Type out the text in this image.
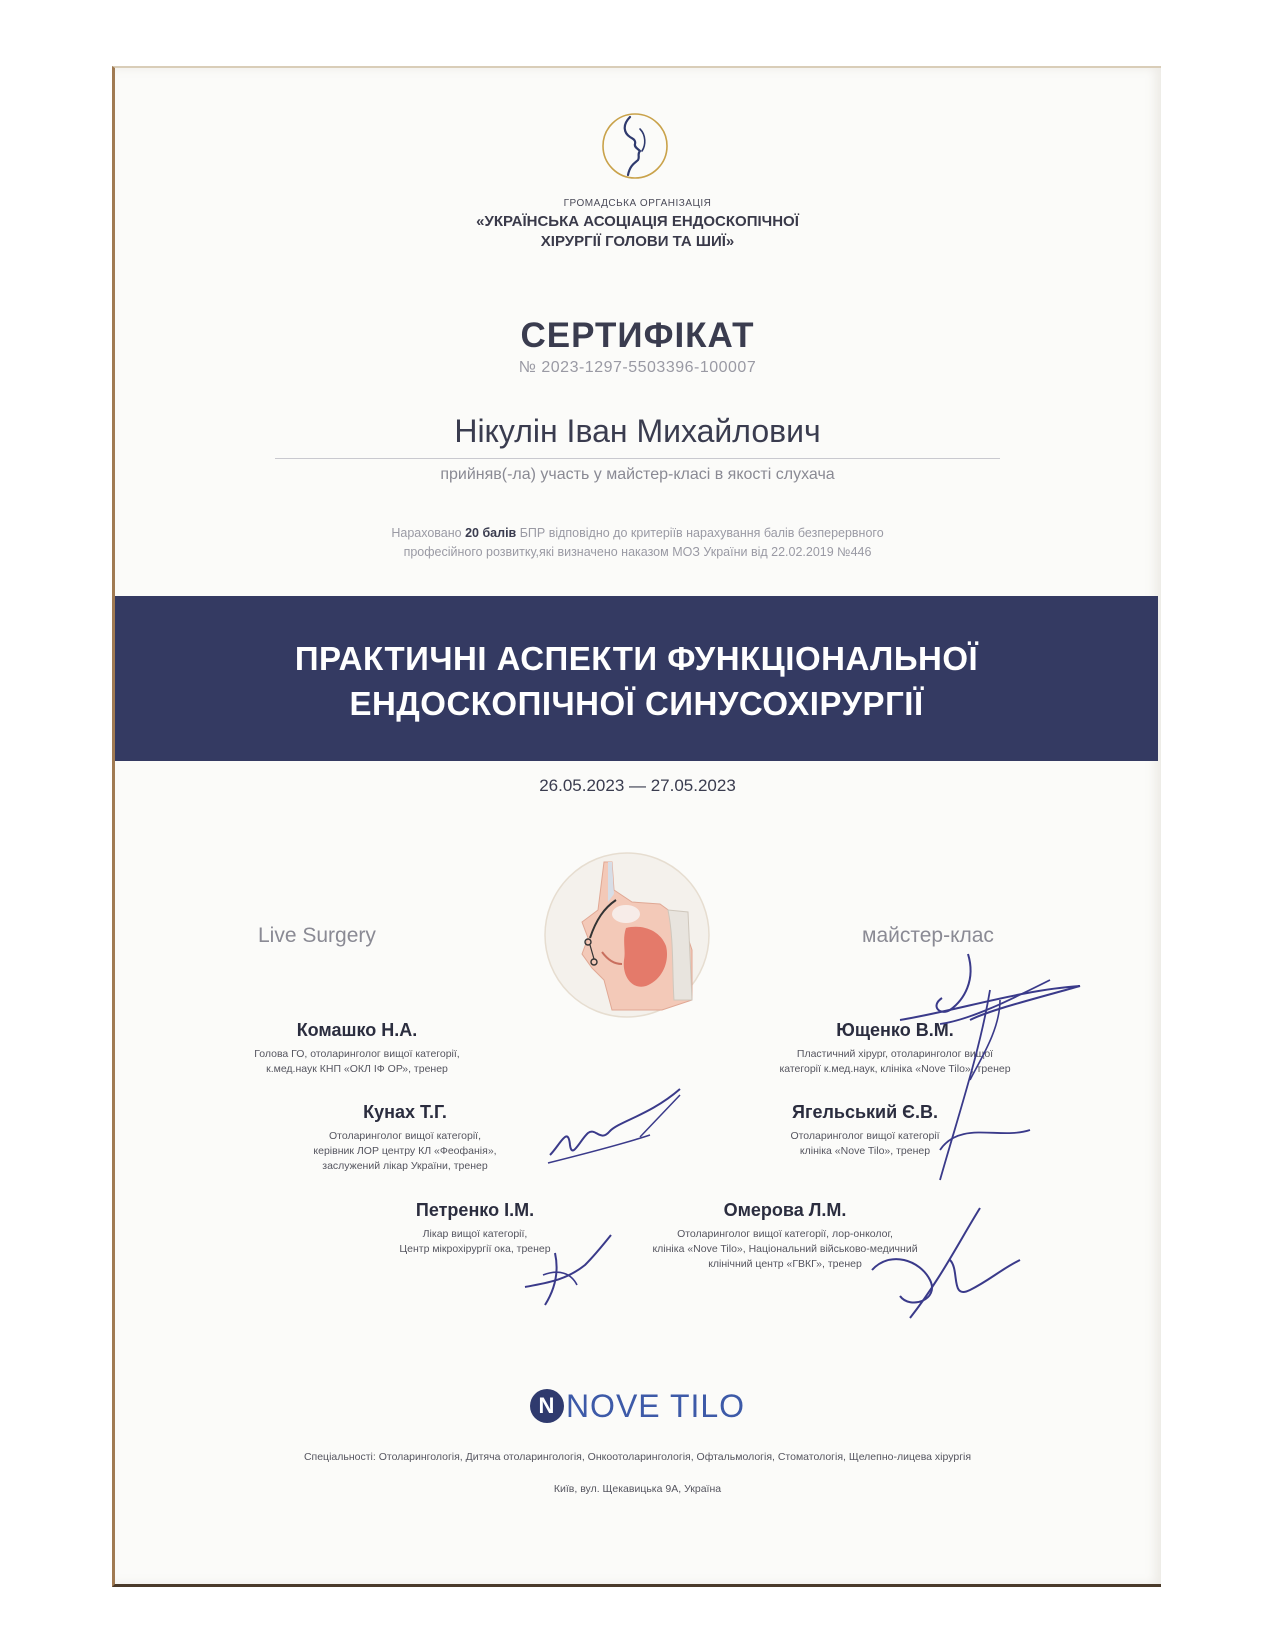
ГРОМАДСЬКА ОРГАНІЗАЦІЯ
«УКРАЇНСЬКА АСОЦІАЦІЯ ЕНДОСКОПІЧНОЇ
ХІРУРГІЇ ГОЛОВИ ТА ШИЇ»
СЕРТИФІКАТ
№ 2023-1297-5503396-100007
Нікулін Іван Михайлович
прийняв(-ла) участь у майстер-класі в якості слухача
Нараховано 20 балів БПР відповідно до критеріїв нарахування балів безперервного
професійного розвитку,які визначено наказом МОЗ України від 22.02.2019 №446
ПРАКТИЧНІ АСПЕКТИ ФУНКЦІОНАЛЬНОЇ
ЕНДОСКОПІЧНОЇ СИНУСОХІРУРГІЇ
26.05.2023 — 27.05.2023
Live Surgery	майстер-клас
Комашко Н.А.
Голова ГО, отоларинголог вищої категорії,
к.мед.наук КНП «ОКЛ ІФ ОР», тренер
Ющенко В.М.
Пластичний хірург, отоларинголог вищої
категорії к.мед.наук, клініка «Nove Tilo», тренер
Кунах Т.Г.
Отоларинголог вищої категорії,
керівник ЛОР центру КЛ «Феофанія»,
заслужений лікар України, тренер
Ягельський Є.В.
Отоларинголог вищої категорії
клініка «Nove Tilo», тренер
Петренко І.М.
Лікар вищої категорії,
Центр мікрохірургії ока, тренер
Омерова Л.М.
Отоларинголог вищої категорії, лор-онколог,
клініка «Nove Tilo», Національний військово-медичний
клінічний центр «ГВКГ», тренер
N NOVE TILO
Спеціальності: Отоларингологія, Дитяча отоларингологія, Онкоотоларингологія, Офтальмологія, Стоматологія, Щелепно-лицева хірургія
Київ, вул. Щекавицька 9А, Україна
